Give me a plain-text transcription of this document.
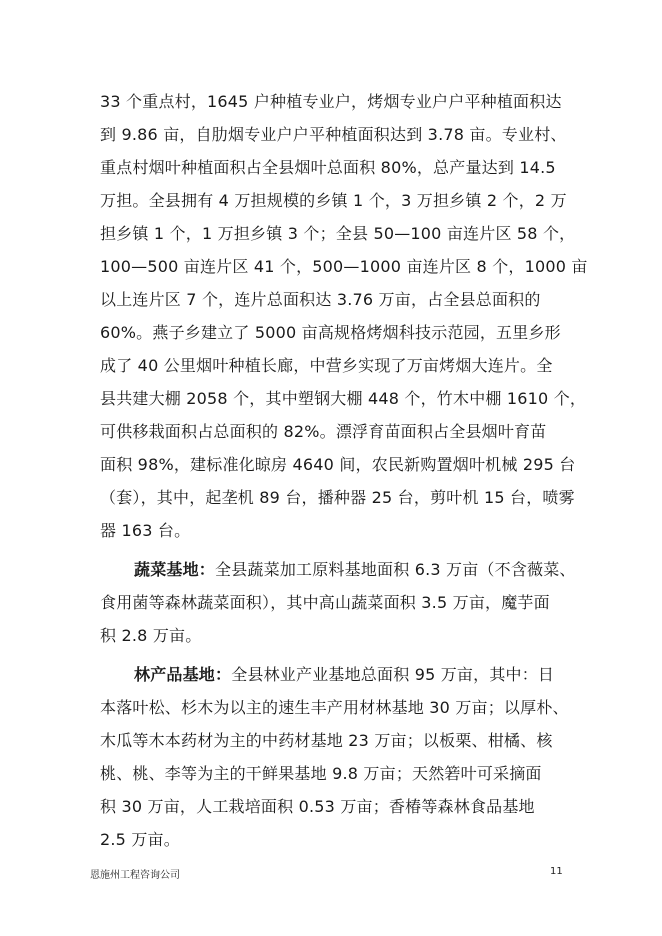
33 个重点村，1645 户种植专业户，烤烟专业户户平种植面积达
到 9.86 亩，自肋烟专业户户平种植面积达到 3.78 亩。专业村、
重点村烟叶种植面积占全县烟叶总面积 80%，总产量达到 14.5
万担。全县拥有 4 万担规模的乡镇 1 个，3 万担乡镇 2 个，2 万
担乡镇 1 个，1 万担乡镇 3 个；全县 50—100 亩连片区 58 个，
100—500 亩连片区 41 个，500—1000 亩连片区 8 个，1000 亩
以上连片区 7 个，连片总面积达 3.76 万亩，占全县总面积的
60%。燕子乡建立了 5000 亩高规格烤烟科技示范园，五里乡形
成了 40 公里烟叶种植长廊，中营乡实现了万亩烤烟大连片。全
县共建大棚 2058 个，其中塑钢大棚 448 个，竹木中棚 1610 个，
可供移栽面积占总面积的 82%。漂浮育苗面积占全县烟叶育苗
面积 98%，建标准化晾房 4640 间，农民新购置烟叶机械 295 台
（套），其中，起垄机 89 台，播种器 25 台，剪叶机 15 台，喷雾
器 163 台。
蔬菜基地：全县蔬菜加工原料基地面积 6.3 万亩（不含薇菜、
食用菌等森林蔬菜面积），其中高山蔬菜面积 3.5 万亩，魔芋面
积 2.8 万亩。
林产品基地：全县林业产业基地总面积 95 万亩，其中：日
本落叶松、杉木为以主的速生丰产用材林基地 30 万亩；以厚朴、
木瓜等木本药材为主的中药材基地 23 万亩；以板栗、柑橘、核
桃、桃、李等为主的干鲜果基地 9.8 万亩；天然箬叶可采摘面
积 30 万亩，人工栽培面积 0.53 万亩；香椿等森林食品基地
2.5 万亩。
恩施州工程咨询公司	11
